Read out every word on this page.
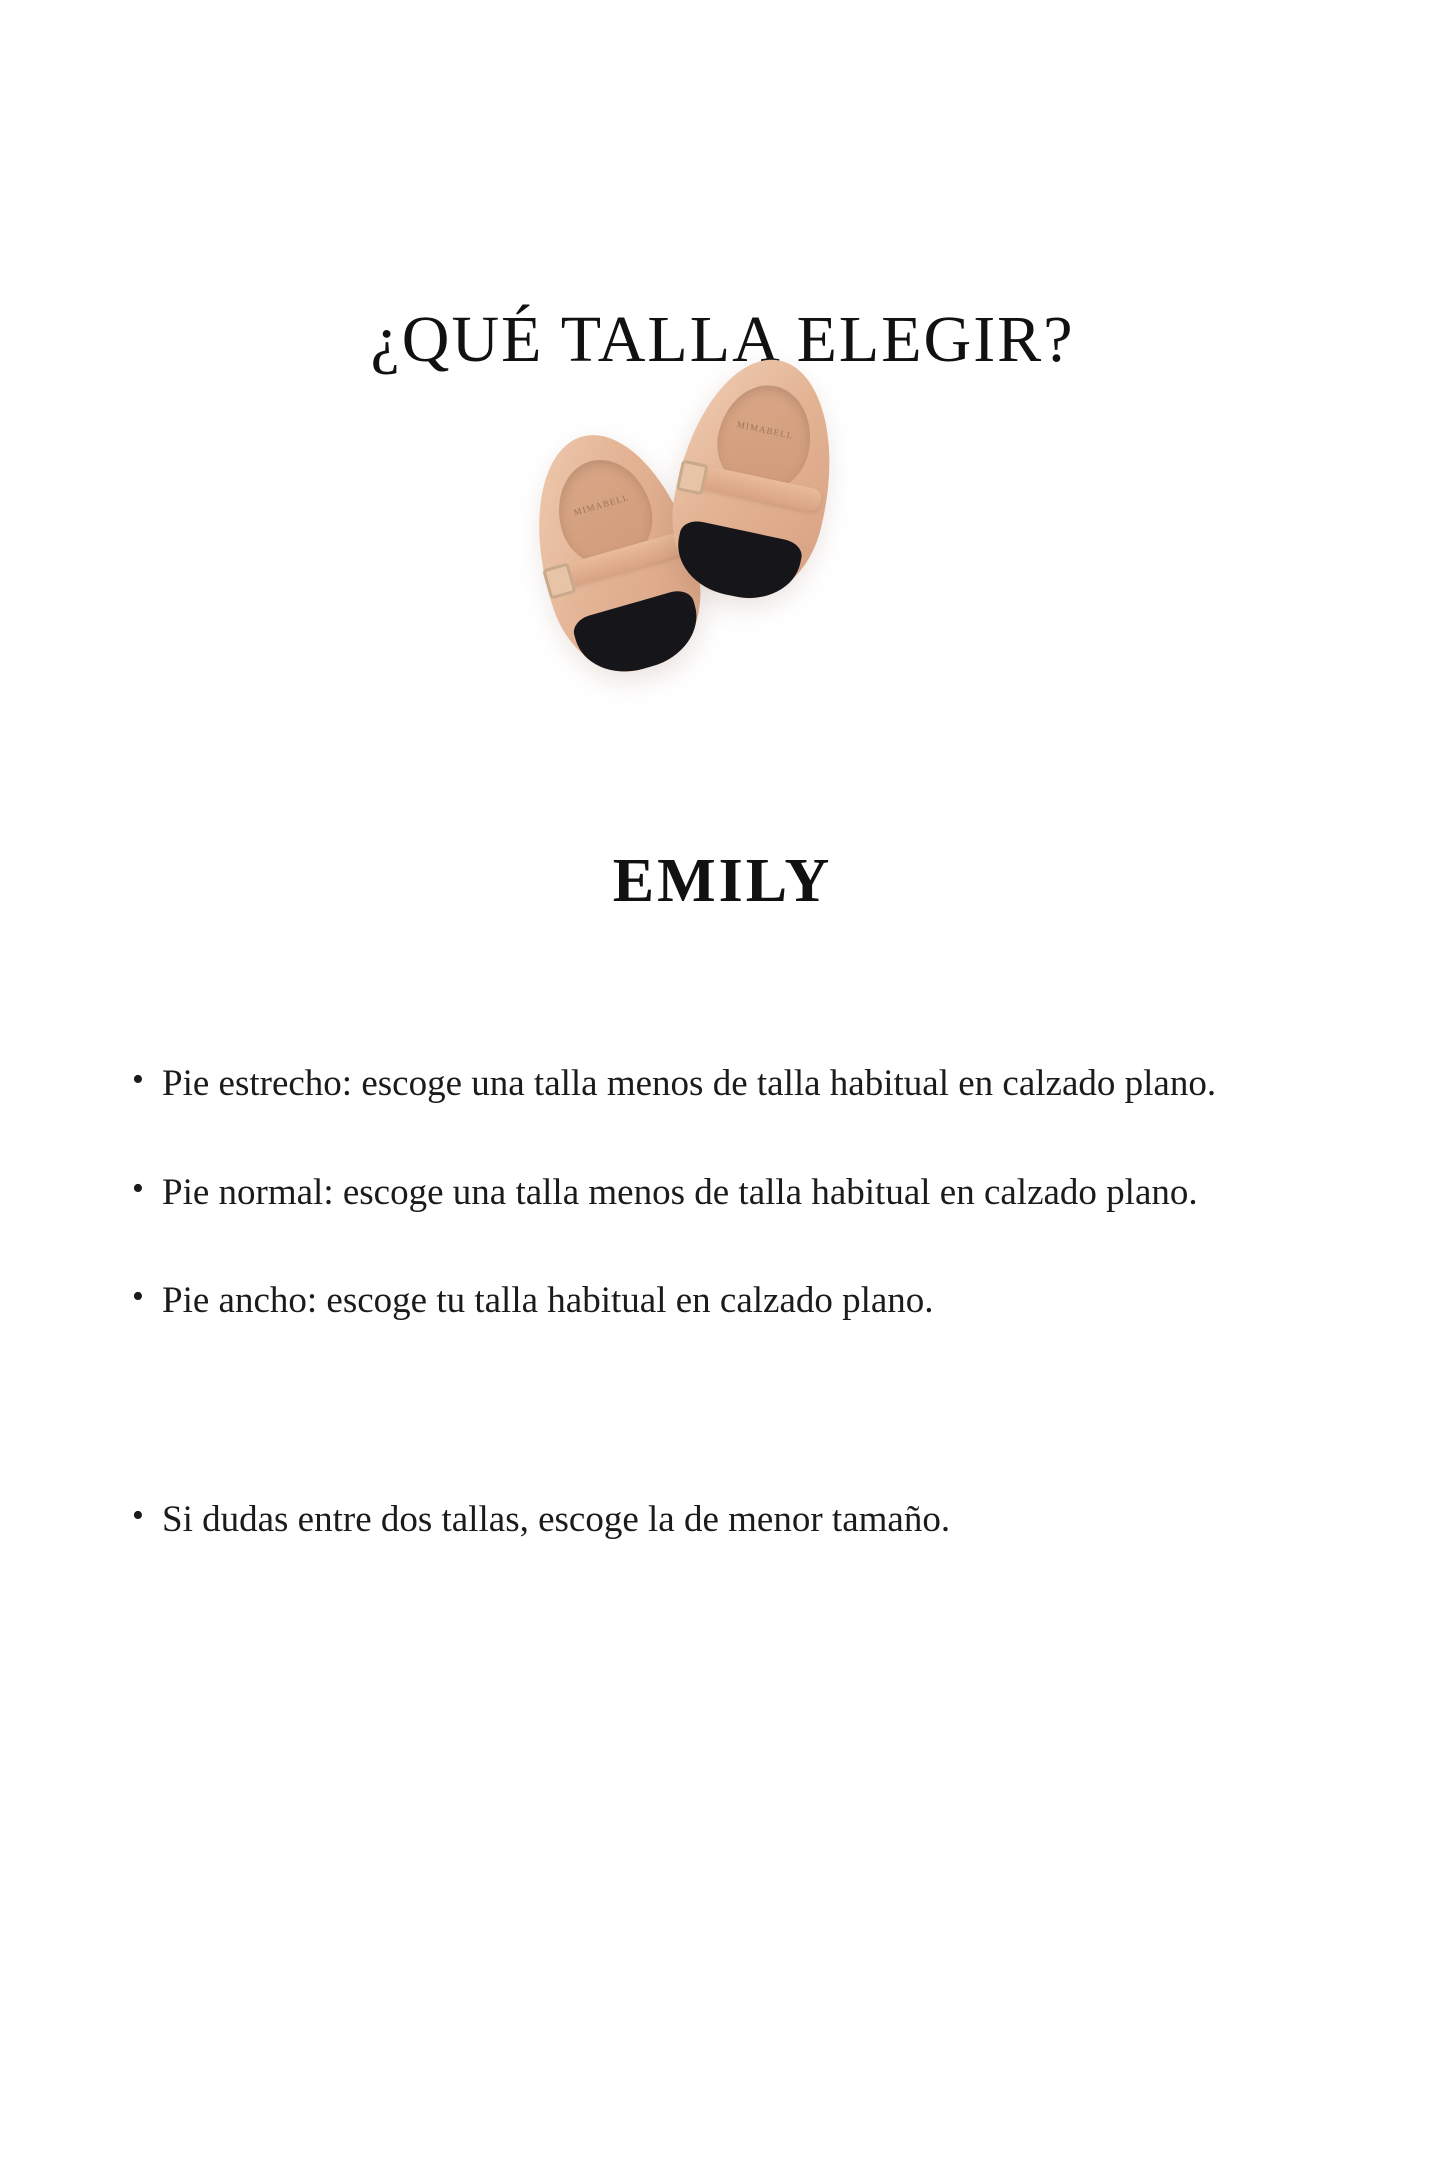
¿QUÉ TALLA ELEGIR?
MIMABELL
MIMABELL
EMILY

• Pie estrecho: escoge una talla menos de talla habitual en calzado plano.

• Pie normal: escoge una talla menos de talla habitual en calzado plano.

• Pie ancho: escoge tu talla habitual en calzado plano.

• Si dudas entre dos tallas, escoge la de menor tamaño.
